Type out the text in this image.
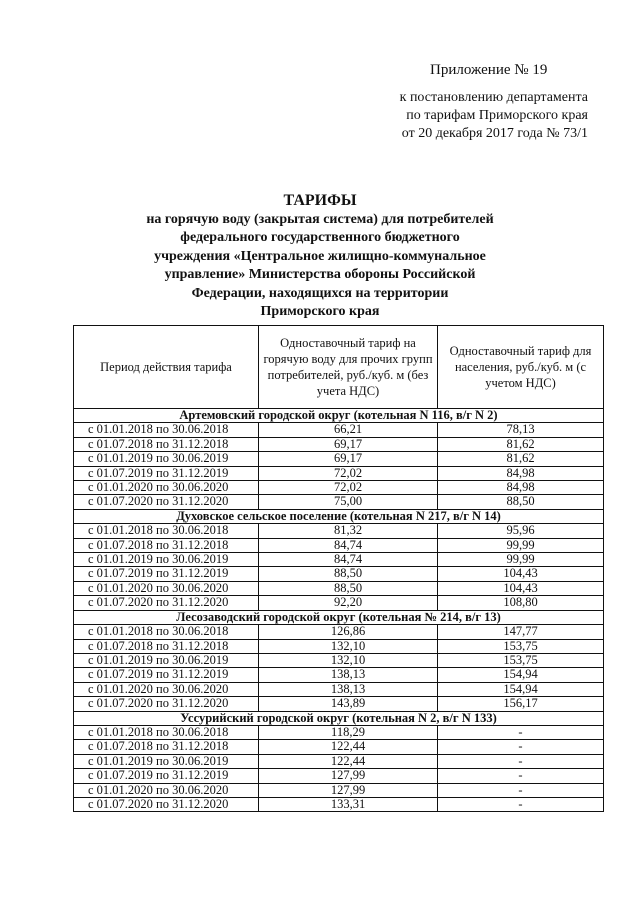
Приложение № 19
к постановлению департамента
по тарифам Приморского края
от 20 декабря 2017 года № 73/1
ТАРИФЫ
на горячую воду (закрытая система) для потребителей
федерального государственного бюджетного
учреждения «Центральное жилищно-коммунальное
управление» Министерства обороны Российской
Федерации, находящихся на территории
Приморского края
Период действия тарифа	Одноставочный тариф на горячую воду для прочих групп потребителей, руб./куб. м (без учета НДС)	Одноставочный тариф для населения, руб./куб. м (с учетом НДС)
Артемовский городской округ (котельная N 116, в/г N 2)		
с 01.01.2018 по 30.06.2018	66,21	78,13
с 01.07.2018 по 31.12.2018	69,17	81,62
с 01.01.2019 по 30.06.2019	69,17	81,62
с 01.07.2019 по 31.12.2019	72,02	84,98
с 01.01.2020 по 30.06.2020	72,02	84,98
с 01.07.2020 по 31.12.2020	75,00	88,50
Духовское сельское поселение (котельная N 217, в/г N 14)		
с 01.01.2018 по 30.06.2018	81,32	95,96
с 01.07.2018 по 31.12.2018	84,74	99,99
с 01.01.2019 по 30.06.2019	84,74	99,99
с 01.07.2019 по 31.12.2019	88,50	104,43
с 01.01.2020 по 30.06.2020	88,50	104,43
с 01.07.2020 по 31.12.2020	92,20	108,80
Лесозаводский городской округ (котельная № 214, в/г 13)		
с 01.01.2018 по 30.06.2018	126,86	147,77
с 01.07.2018 по 31.12.2018	132,10	153,75
с 01.01.2019 по 30.06.2019	132,10	153,75
с 01.07.2019 по 31.12.2019	138,13	154,94
с 01.01.2020 по 30.06.2020	138,13	154,94
с 01.07.2020 по 31.12.2020	143,89	156,17
Уссурийский городской округ (котельная N 2, в/г N 133)		
с 01.01.2018 по 30.06.2018	118,29	-
с 01.07.2018 по 31.12.2018	122,44	-
с 01.01.2019 по 30.06.2019	122,44	-
с 01.07.2019 по 31.12.2019	127,99	-
с 01.01.2020 по 30.06.2020	127,99	-
с 01.07.2020 по 31.12.2020	133,31	-
